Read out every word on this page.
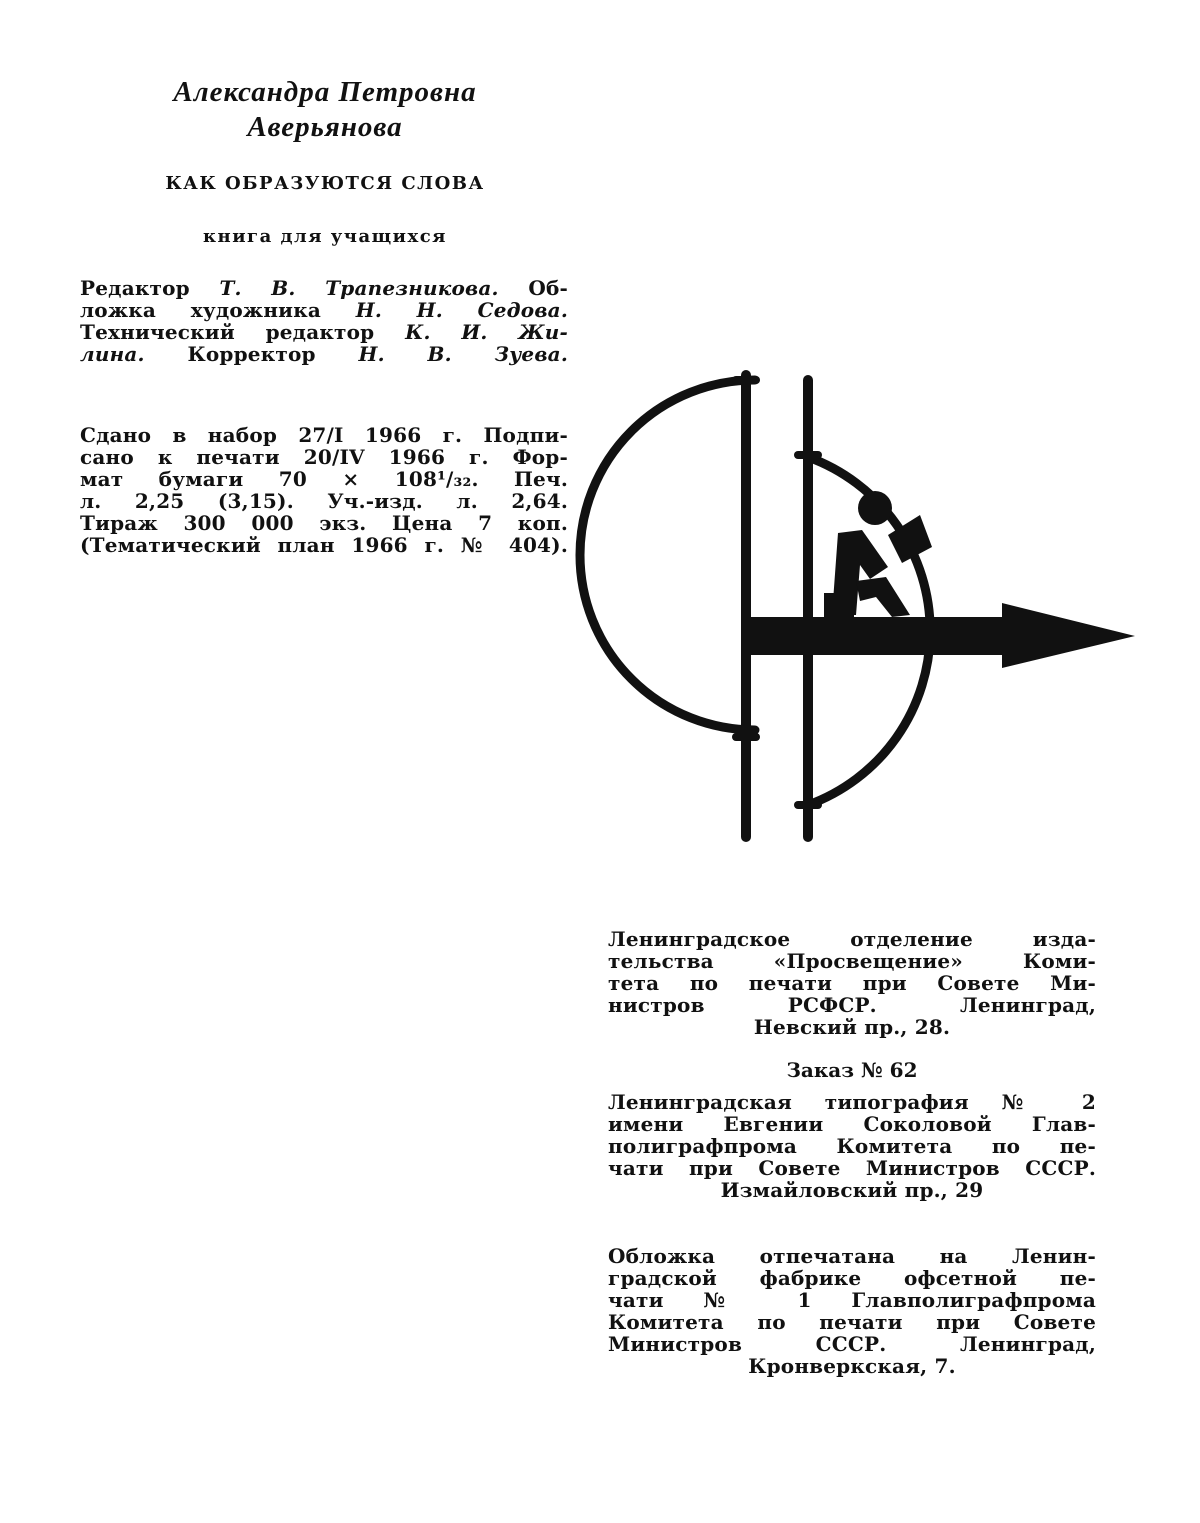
Александра Петровна
Аверьянова
КАК ОБРАЗУЮТСЯ СЛОВА
книга для учащихся
Редактор Т. В. Трапезникова. Об-
ложка художника Н. Н. Седова.
Технический редактор К. И. Жи-
лина. Корректор Н. В. Зуева.
Сдано в набор 27/I 1966 г. Подпи-
сано к печати 20/IV 1966 г. Фор-
мат бумаги 70 × 108¹/₃₂. Печ.
л. 2,25 (3,15). Уч.-изд. л. 2,64.
Тираж 300 000 экз. Цена 7 коп.
(Тематический план 1966 г. № 404).
Ленинградское отделение изда-
тельства «Просвещение» Коми-
тета по печати при Совете Ми-
нистров РСФСР. Ленинград,
Невский пр., 28.
Заказ № 62
Ленинградская типография № 2
имени Евгении Соколовой Глав-
полиграфпрома Комитета по пе-
чати при Совете Министров СССР.
Измайловский пр., 29
Обложка отпечатана на Ленин-
градской фабрике офсетной пе-
чати № 1 Главполиграфпрома
Комитета по печати при Совете
Министров СССР. Ленинград,
Кронверкская, 7.
